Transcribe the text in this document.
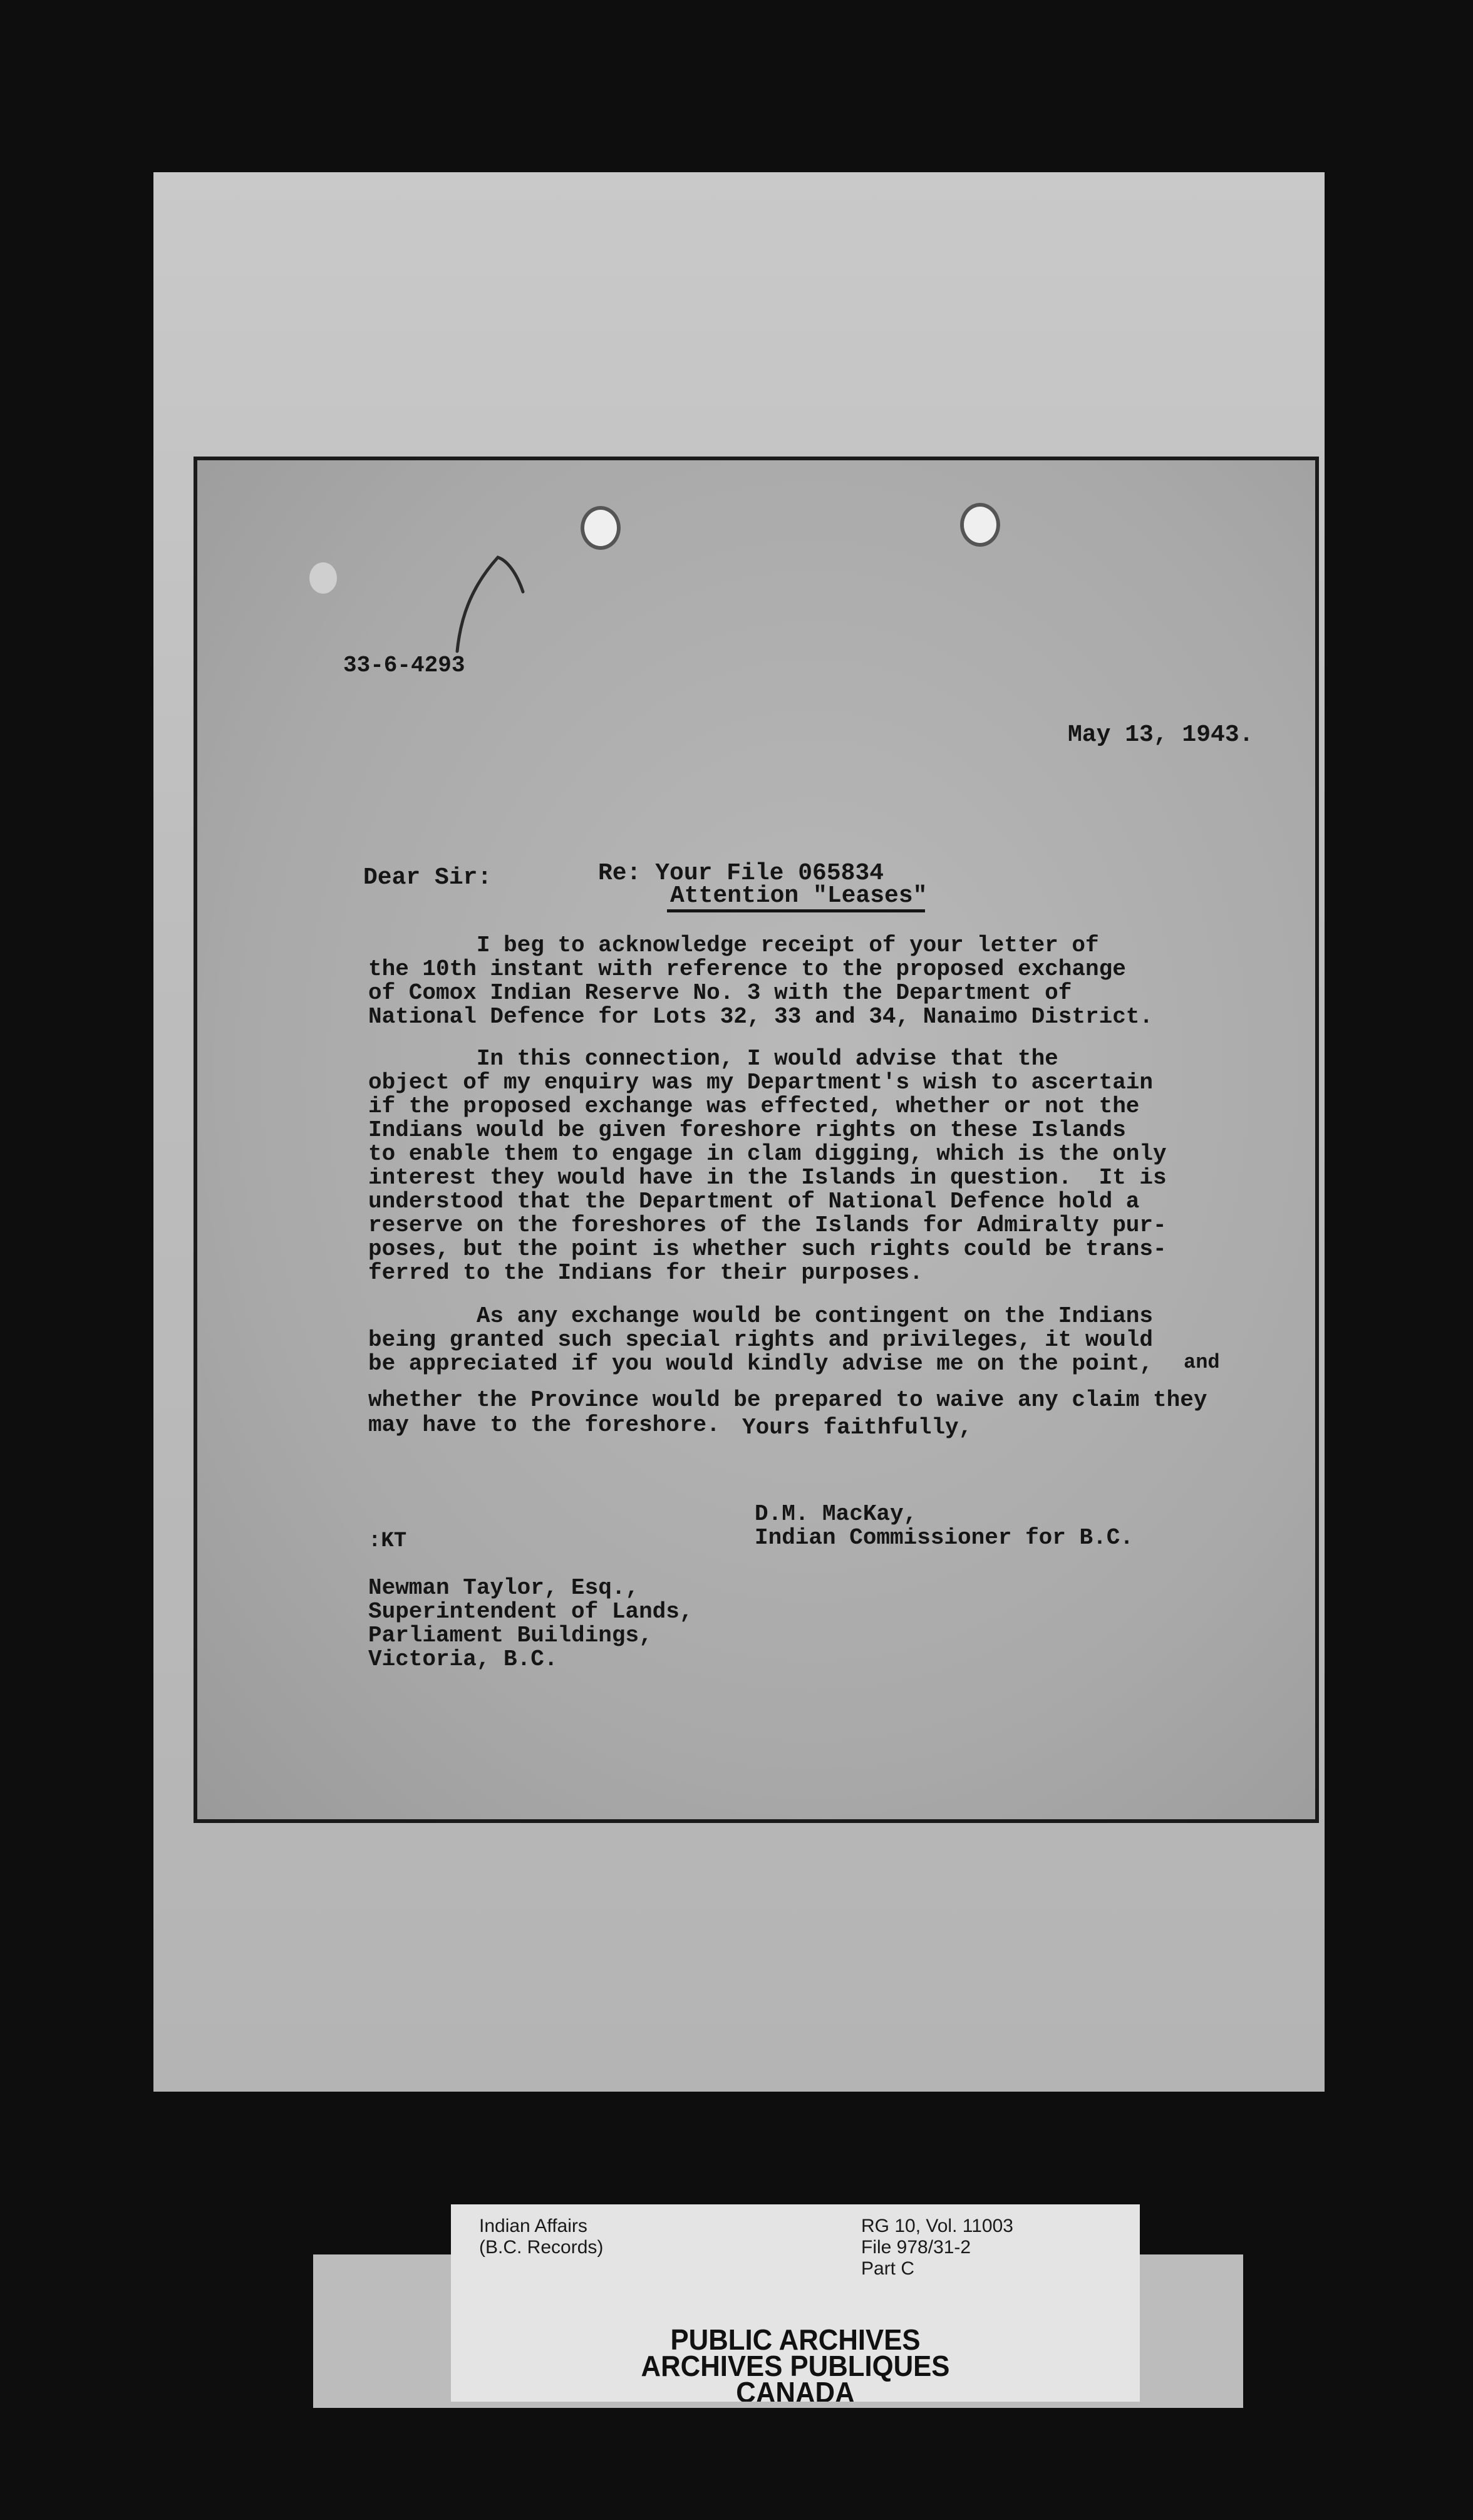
33-6-4293
May 13, 1943.
Dear Sir:	Re: Your File 065834
Attention "Leases"
I beg to acknowledge receipt of your letter of
the 10th instant with reference to the proposed exchange
of Comox Indian Reserve No. 3 with the Department of
National Defence for Lots 32, 33 and 34, Nanaimo District.
In this connection, I would advise that the
object of my enquiry was my Department's wish to ascertain
if the proposed exchange was effected, whether or not the
Indians would be given foreshore rights on these Islands
to enable them to engage in clam digging, which is the only
interest they would have in the Islands in question.  It is
understood that the Department of National Defence hold a
reserve on the foreshores of the Islands for Admiralty pur-
poses, but the point is whether such rights could be trans-
ferred to the Indians for their purposes.
As any exchange would be contingent on the Indians
being granted such special rights and privileges, it would
be appreciated if you would kindly advise me on the point, and
whether the Province would be prepared to waive any claim they
may have to the foreshore. Yours faithfully,
D.M. MacKay,
Indian Commissioner for B.C.
:KT
Newman Taylor, Esq.,
Superintendent of Lands,
Parliament Buildings,
Victoria, B.C.
Indian Affairs
(B.C. Records)
RG 10, Vol. 11003
File 978/31-2
Part C
PUBLIC ARCHIVES
ARCHIVES PUBLIQUES
CANADA
